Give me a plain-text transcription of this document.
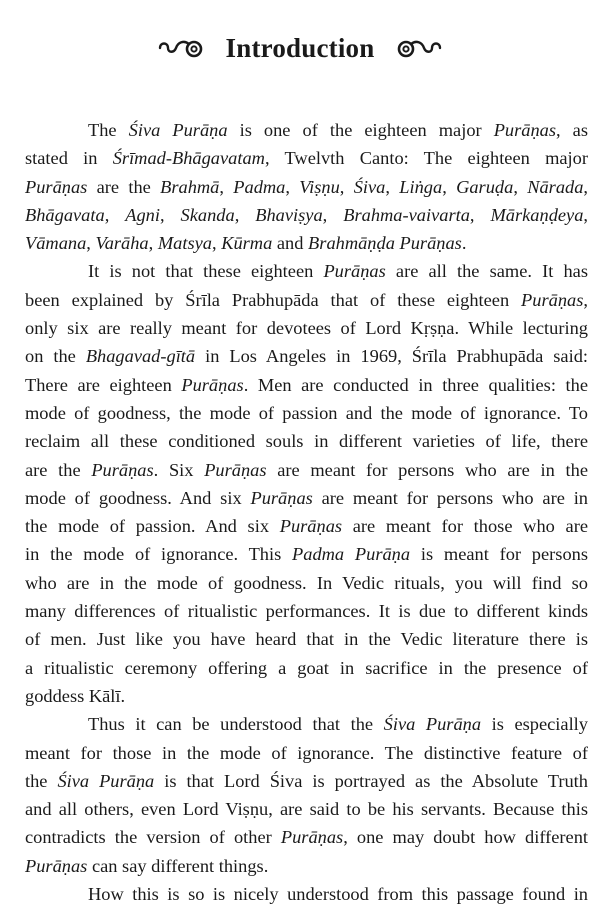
Introduction
The Śiva Purāṇa is one of the eighteen major Purāṇas, as
stated in Śrīmad-Bhāgavatam, Twelvth Canto: The eighteen major
Purāṇas are the Brahmā, Padma, Viṣṇu, Śiva, Liṅga, Garuḍa, Nārada,
Bhāgavata, Agni, Skanda, Bhaviṣya, Brahma-vaivarta, Mārkaṇḍeya,
Vāmana, Varāha, Matsya, Kūrma and Brahmāṇḍa Purāṇas.
It is not that these eighteen Purāṇas are all the same. It has
been explained by Śrīla Prabhupāda that of these eighteen Purāṇas,
only six are really meant for devotees of Lord Kṛṣṇa. While lecturing
on the Bhagavad-gītā in Los Angeles in 1969, Śrīla Prabhupāda said:
There are eighteen Purāṇas. Men are conducted in three qualities: the
mode of goodness, the mode of passion and the mode of ignorance. To
reclaim all these conditioned souls in different varieties of life, there
are the Purāṇas. Six Purāṇas are meant for persons who are in the
mode of goodness. And six Purāṇas are meant for persons who are in
the mode of passion. And six Purāṇas are meant for those who are
in the mode of ignorance. This Padma Purāṇa is meant for persons
who are in the mode of goodness. In Vedic rituals, you will find so
many differences of ritualistic performances. It is due to different kinds
of men. Just like you have heard that in the Vedic literature there is
a ritualistic ceremony offering a goat in sacrifice in the presence of
goddess Kālī.
Thus it can be understood that the Śiva Purāṇa is especially
meant for those in the mode of ignorance. The distinctive feature of
the Śiva Purāṇa is that Lord Śiva is portrayed as the Absolute Truth
and all others, even Lord Viṣṇu, are said to be his servants. Because this
contradicts the version of other Purāṇas, one may doubt how different
Purāṇas can say different things.
How this is so is nicely understood from this passage found in
